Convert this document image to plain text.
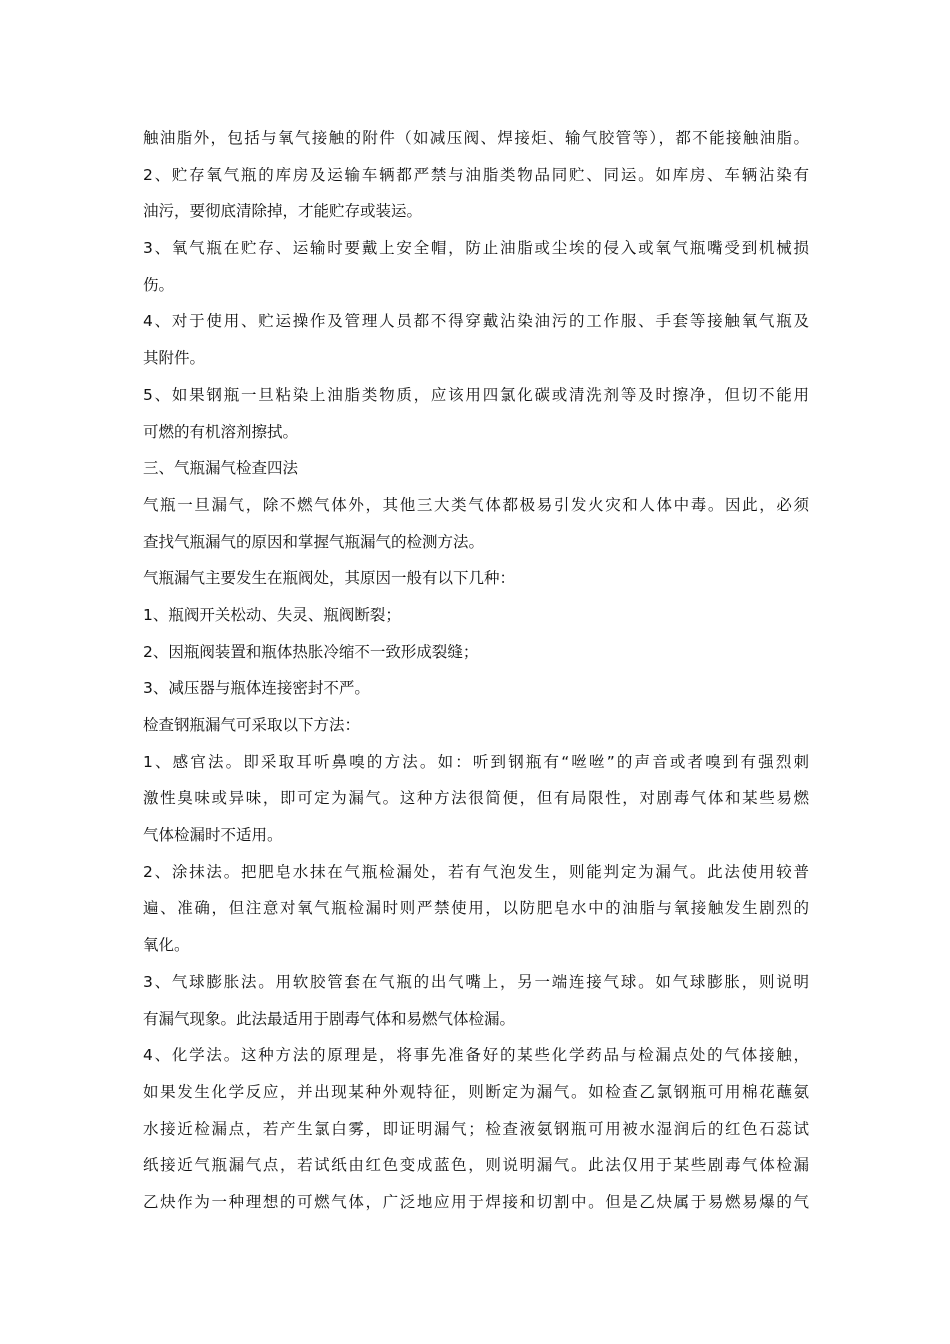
触油脂外，包括与氧气接触的附件（如减压阀、焊接炬、输气胶管等），都不能接触油脂。
2、贮存氧气瓶的库房及运输车辆都严禁与油脂类物品同贮、同运。如库房、车辆沾染有
油污，要彻底清除掉，才能贮存或装运。
3、氧气瓶在贮存、运输时要戴上安全帽，防止油脂或尘埃的侵入或氧气瓶嘴受到机械损
伤。
4、对于使用、贮运操作及管理人员都不得穿戴沾染油污的工作服、手套等接触氧气瓶及
其附件。
5、如果钢瓶一旦粘染上油脂类物质，应该用四氯化碳或清洗剂等及时擦净，但切不能用
可燃的有机溶剂擦拭。
三、气瓶漏气检查四法
气瓶一旦漏气，除不燃气体外，其他三大类气体都极易引发火灾和人体中毒。因此，必须
查找气瓶漏气的原因和掌握气瓶漏气的检测方法。
气瓶漏气主要发生在瓶阀处，其原因一般有以下几种：
1、瓶阀开关松动、失灵、瓶阀断裂；
2、因瓶阀装置和瓶体热胀冷缩不一致形成裂缝；
3、减压器与瓶体连接密封不严。
检查钢瓶漏气可采取以下方法：
1、感官法。即采取耳听鼻嗅的方法。如：听到钢瓶有“咝咝”的声音或者嗅到有强烈刺
激性臭味或异味，即可定为漏气。这种方法很简便，但有局限性，对剧毒气体和某些易燃
气体检漏时不适用。
2、涂抹法。把肥皂水抹在气瓶检漏处，若有气泡发生，则能判定为漏气。此法使用较普
遍、准确，但注意对氧气瓶检漏时则严禁使用，以防肥皂水中的油脂与氧接触发生剧烈的
氧化。
3、气球膨胀法。用软胶管套在气瓶的出气嘴上，另一端连接气球。如气球膨胀，则说明
有漏气现象。此法最适用于剧毒气体和易燃气体检漏。
4、化学法。这种方法的原理是，将事先准备好的某些化学药品与检漏点处的气体接触，
如果发生化学反应，并出现某种外观特征，则断定为漏气。如检查乙氯钢瓶可用棉花蘸氨
水接近检漏点，若产生氯白雾，即证明漏气；检查液氨钢瓶可用被水湿润后的红色石蕊试
纸接近气瓶漏气点，若试纸由红色变成蓝色，则说明漏气。此法仅用于某些剧毒气体检漏
乙炔作为一种理想的可燃气体，广泛地应用于焊接和切割中。但是乙炔属于易燃易爆的气
